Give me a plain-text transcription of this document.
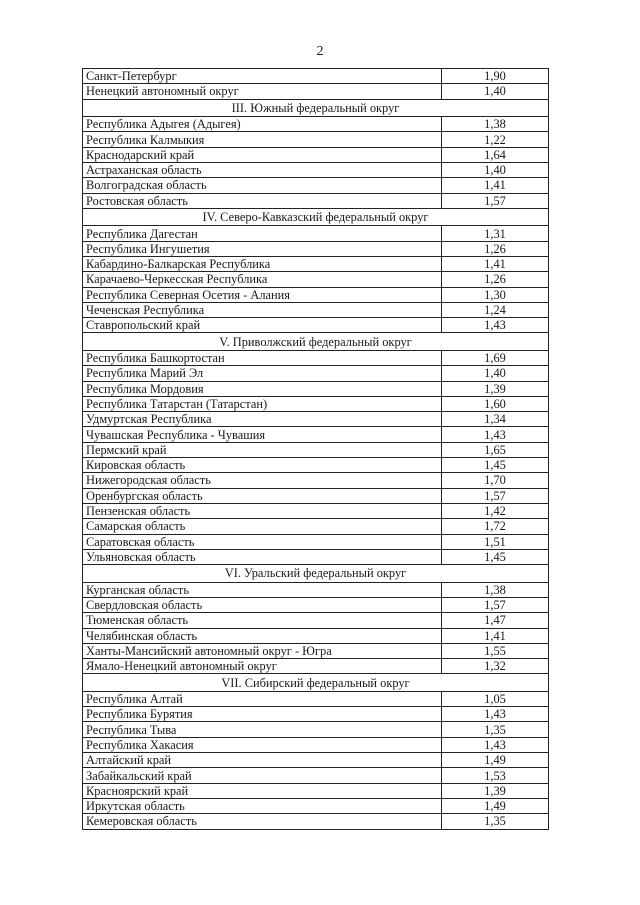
2
Санкт-Петербург	1,90
Ненецкий автономный округ	1,40
III. Южный федеральный округ	
Республика Адыгея (Адыгея)	1,38
Республика Калмыкия	1,22
Краснодарский край	1,64
Астраханская область	1,40
Волгоградская область	1,41
Ростовская область	1,57
IV. Северо-Кавказский федеральный округ	
Республика Дагестан	1,31
Республика Ингушетия	1,26
Кабардино-Балкарская Республика	1,41
Карачаево-Черкесская Республика	1,26
Республика Северная Осетия - Алания	1,30
Чеченская Республика	1,24
Ставропольский край	1,43
V. Приволжский федеральный округ	
Республика Башкортостан	1,69
Республика Марий Эл	1,40
Республика Мордовия	1,39
Республика Татарстан (Татарстан)	1,60
Удмуртская Республика	1,34
Чувашская Республика - Чувашия	1,43
Пермский край	1,65
Кировская область	1,45
Нижегородская область	1,70
Оренбургская область	1,57
Пензенская область	1,42
Самарская область	1,72
Саратовская область	1,51
Ульяновская область	1,45
VI. Уральский федеральный округ	
Курганская область	1,38
Свердловская область	1,57
Тюменская область	1,47
Челябинская область	1,41
Ханты-Мансийский автономный округ - Югра	1,55
Ямало-Ненецкий автономный округ	1,32
VII. Сибирский федеральный округ	
Республика Алтай	1,05
Республика Бурятия	1,43
Республика Тыва	1,35
Республика Хакасия	1,43
Алтайский край	1,49
Забайкальский край	1,53
Красноярский край	1,39
Иркутская область	1,49
Кемеровская область	1,35
